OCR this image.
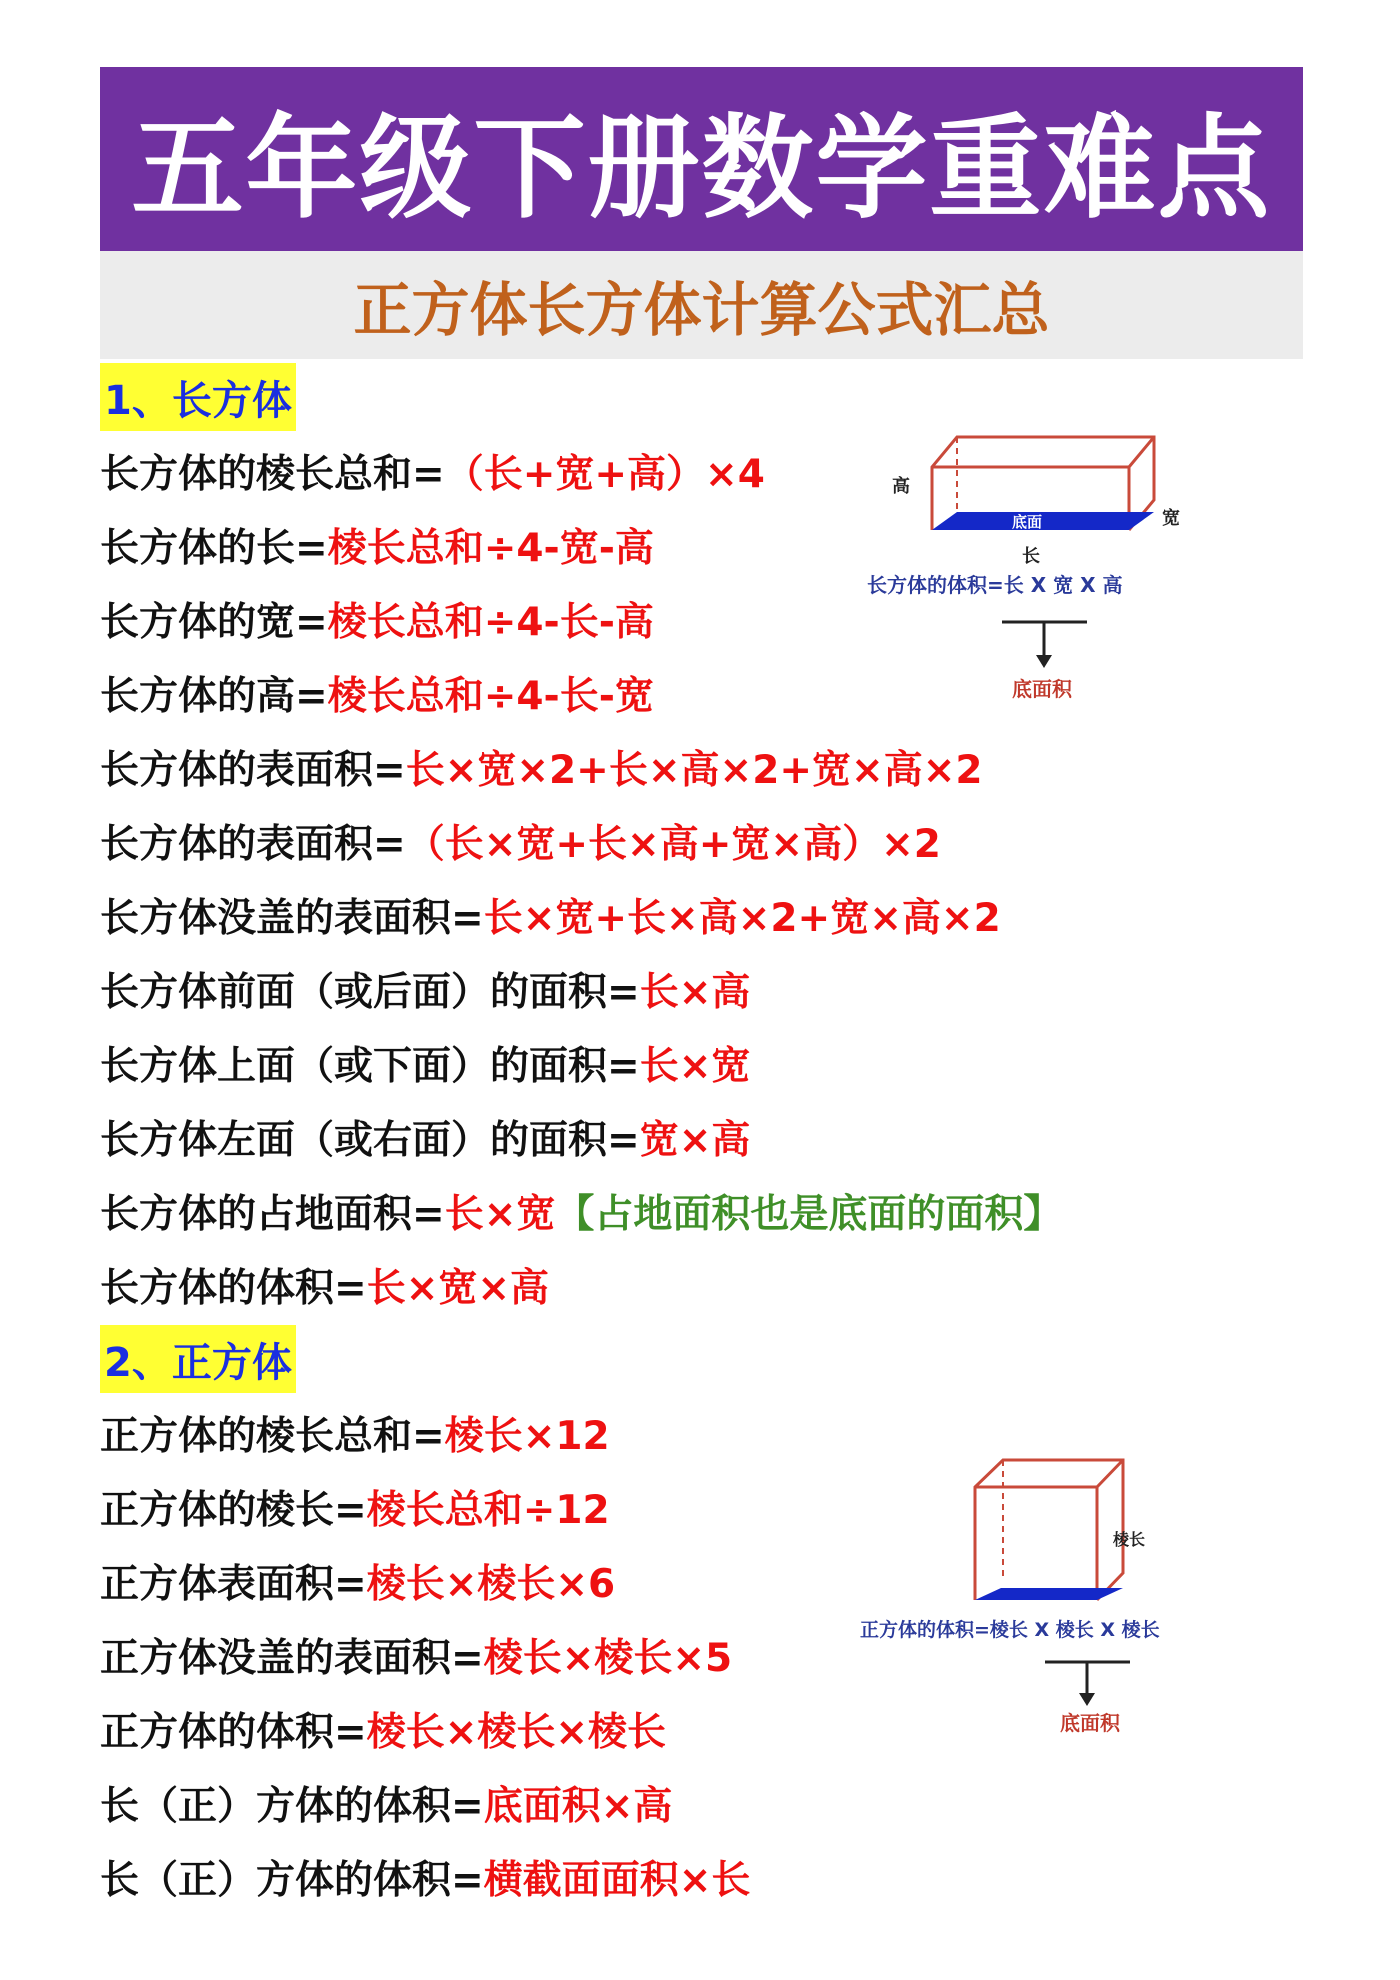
五年级下册数学重难点
正方体长方体计算公式汇总
1、长方体
长方体的棱长总和= （长+宽+高）×4
长方体的长= 棱长总和÷4-宽-高
长方体的宽= 棱长总和÷4-长-高
长方体的高= 棱长总和÷4-长-宽
长方体的表面积= 长×宽×2+长×高×2+宽×高×2
长方体的表面积= （长×宽+长×高+宽×高）×2
长方体没盖的表面积= 长×宽+长×高×2+宽×高×2
长方体前面（或后面）的面积= 长×高
长方体上面（或下面）的面积= 长×宽
长方体左面（或右面）的面积= 宽×高
长方体的占地面积= 长×宽 【占地面积也是底面的面积】
长方体的体积= 长×宽×高
高
底面	宽
长
长方体的体积=长 X 宽 X 高
底面积
2、正方体
正方体的棱长总和= 棱长×12
正方体的棱长= 棱长总和÷12
正方体表面积= 棱长×棱长×6
正方体没盖的表面积= 棱长×棱长×5
正方体的体积= 棱长×棱长×棱长
长（正）方体的体积= 底面积×高
长（正）方体的体积= 横截面面积×长
棱长
正方体的体积=棱长 X 棱长 X 棱长
底面积
